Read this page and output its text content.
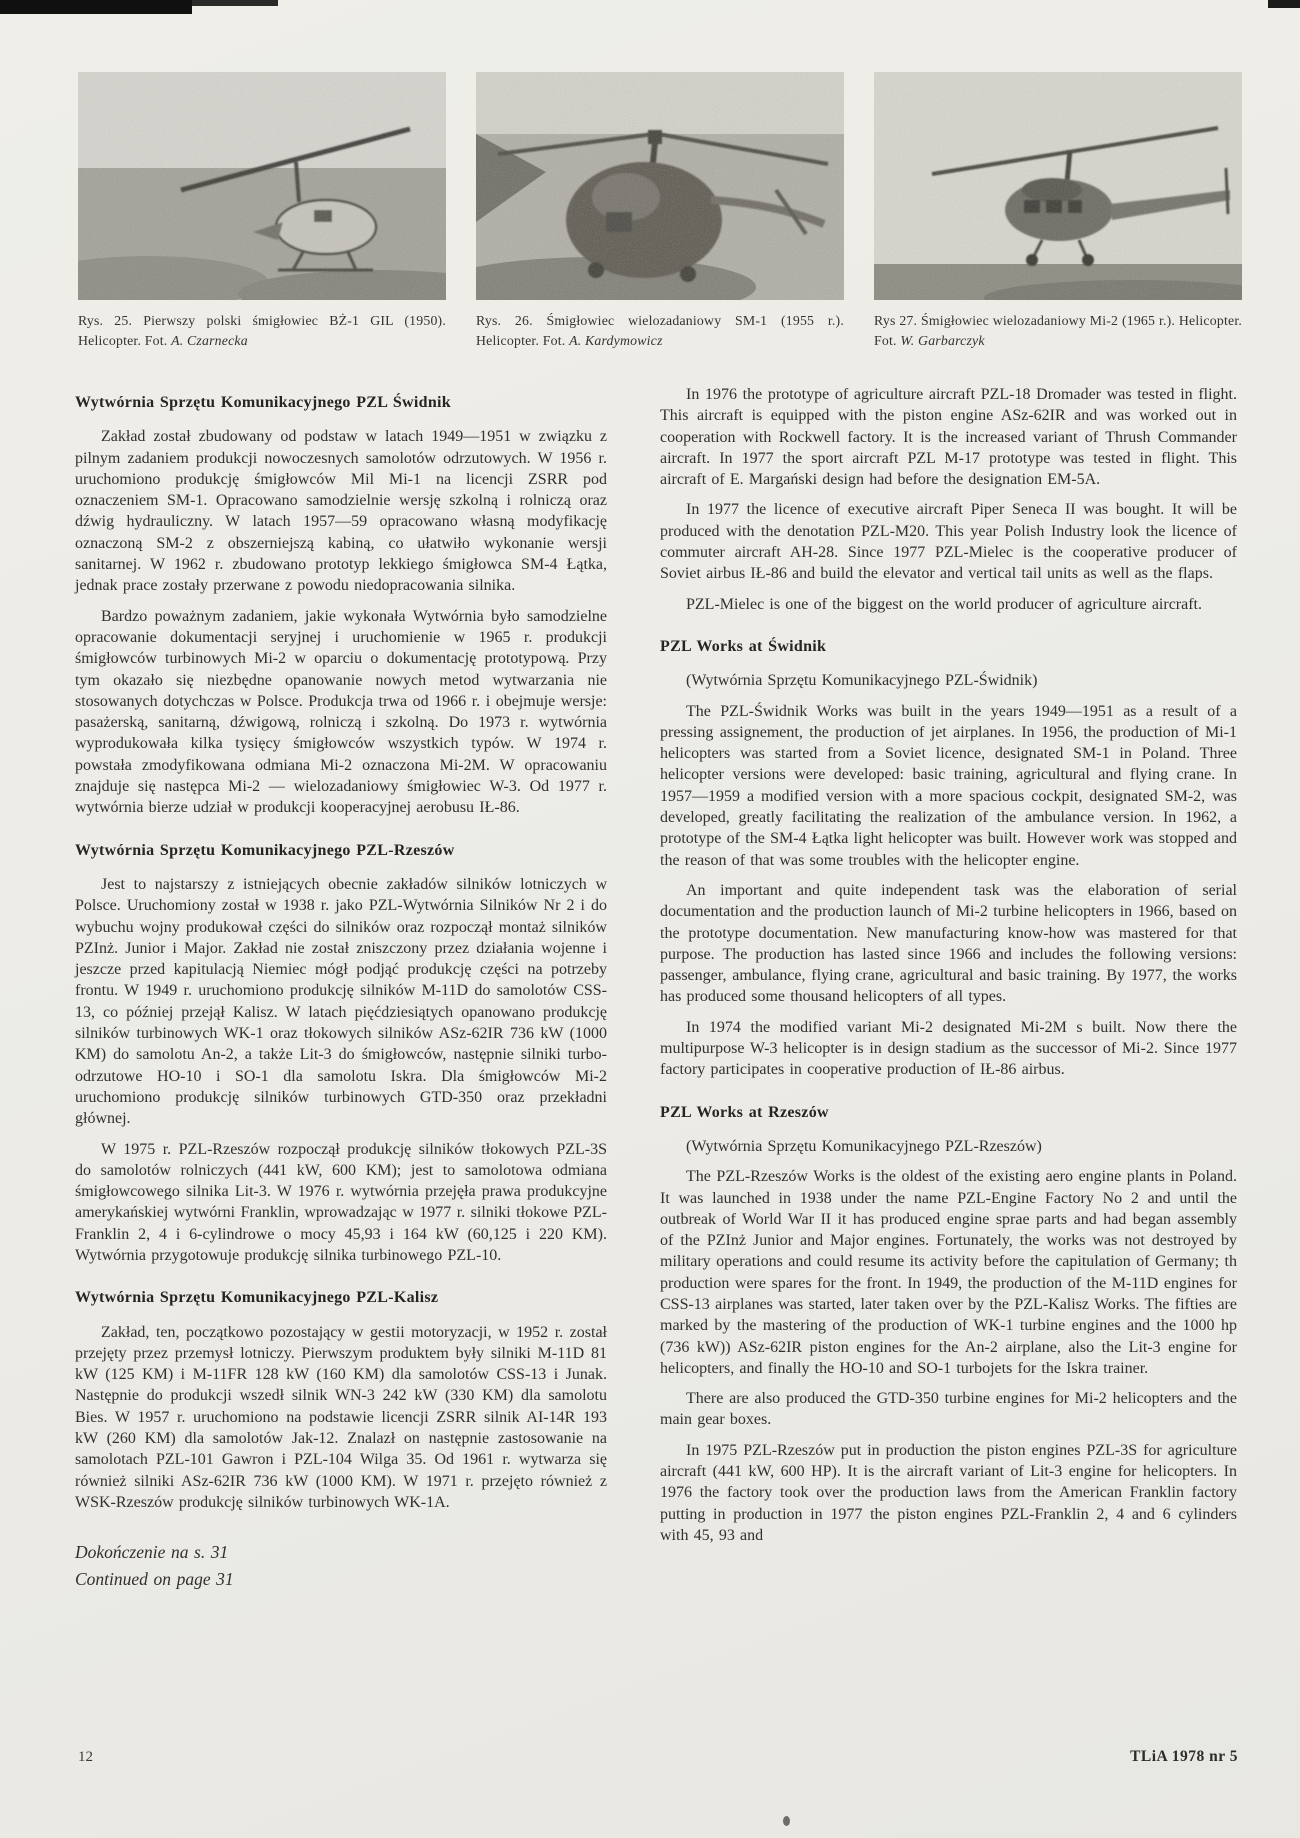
Rys. 25. Pierwszy polski śmigłowiec BŻ-1 GIL (1950). Helicopter. Fot. A. Czarnecka
Rys. 26. Śmigłowiec wielozadaniowy SM-1 (1955 r.). Helicopter. Fot. A. Kardymowicz
Rys 27. Śmigłowiec wielozadaniowy Mi-2 (1965 r.). Helicopter. Fot. W. Garbarczyk
Wytwórnia Sprzętu Komunikacyjnego PZL Świdnik

Zakład został zbudowany od podstaw w latach 1949—1951 w związku z pilnym zadaniem produkcji nowoczesnych samolotów odrzutowych. W 1956 r. uruchomiono produkcję śmigłowców Mil Mi-1 na licencji ZSRR pod oznaczeniem SM-1. Opracowano samodzielnie wersję szkolną i rolniczą oraz dźwig hydrauliczny. W latach 1957—59 opracowano własną modyfikację oznaczoną SM-2 z obszerniejszą kabiną, co ułatwiło wykonanie wersji sanitarnej. W 1962 r. zbudowano prototyp lekkiego śmigłowca SM-4 Łątka, jednak prace zostały przerwane z powodu niedopracowania silnika.

Bardzo poważnym zadaniem, jakie wykonała Wytwórnia było samodzielne opracowanie dokumentacji seryjnej i uruchomienie w 1965 r. produkcji śmigłowców turbinowych Mi-2 w oparciu o dokumentację prototypową. Przy tym okazało się niezbędne opanowanie nowych metod wytwarzania nie stosowanych dotychczas w Polsce. Produkcja trwa od 1966 r. i obejmuje wersje: pasażerską, sanitarną, dźwigową, rolniczą i szkolną. Do 1973 r. wytwórnia wyprodukowała kilka tysięcy śmigłowców wszystkich typów. W 1974 r. powstała zmodyfikowana odmiana Mi-2 oznaczona Mi-2M. W opracowaniu znajduje się następca Mi-2 — wielozadaniowy śmigłowiec W-3. Od 1977 r. wytwórnia bierze udział w produkcji kooperacyjnej aerobusu IŁ-86.

Wytwórnia Sprzętu Komunikacyjnego PZL-Rzeszów

Jest to najstarszy z istniejących obecnie zakładów silników lotniczych w Polsce. Uruchomiony został w 1938 r. jako PZL-Wytwórnia Silników Nr 2 i do wybuchu wojny produkował części do silników oraz rozpoczął montaż silników PZInż. Junior i Major. Zakład nie został zniszczony przez działania wojenne i jeszcze przed kapitulacją Niemiec mógł podjąć produkcję części na potrzeby frontu. W 1949 r. uruchomiono produkcję silników M-11D do samolotów CSS-13, co później przejął Kalisz. W latach pięćdziesiątych opanowano produkcję silników turbinowych WK-1 oraz tłokowych silników ASz-62IR 736 kW (1000 KM) do samolotu An-2, a także Lit-3 do śmigłowców, następnie silniki turbo-odrzutowe HO-10 i SO-1 dla samolotu Iskra. Dla śmigłowców Mi-2 uruchomiono produkcję silników turbinowych GTD-350 oraz przekładni głównej.

W 1975 r. PZL-Rzeszów rozpoczął produkcję silników tłokowych PZL-3S do samolotów rolniczych (441 kW, 600 KM); jest to samolotowa odmiana śmigłowcowego silnika Lit-3. W 1976 r. wytwórnia przejęła prawa produkcyjne amerykańskiej wytwórni Franklin, wprowadzając w 1977 r. silniki tłokowe PZL-Franklin 2, 4 i 6-cylindrowe o mocy 45,93 i 164 kW (60,125 i 220 KM). Wytwórnia przygotowuje produkcję silnika turbinowego PZL-10.

Wytwórnia Sprzętu Komunikacyjnego PZL-Kalisz

Zakład, ten, początkowo pozostający w gestii motoryzacji, w 1952 r. został przejęty przez przemysł lotniczy. Pierwszym produktem były silniki M-11D 81 kW (125 KM) i M-11FR 128 kW (160 KM) dla samolotów CSS-13 i Junak. Następnie do produkcji wszedł silnik WN-3 242 kW (330 KM) dla samolotu Bies. W 1957 r. uruchomiono na podstawie licencji ZSRR silnik AI-14R 193 kW (260 KM) dla samolotów Jak-12. Znalazł on następnie zastosowanie na samolotach PZL-101 Gawron i PZL-104 Wilga 35. Od 1961 r. wytwarza się również silniki ASz-62IR 736 kW (1000 KM). W 1971 r. przejęto również z WSK-Rzeszów produkcję silników turbinowych WK-1A.

Dokończenie na s. 31
Continued on page 31

In 1976 the prototype of agriculture aircraft PZL-18 Dromader was tested in flight. This aircraft is equipped with the piston engine ASz-62IR and was worked out in cooperation with Rockwell factory. It is the increased variant of Thrush Commander aircraft. In 1977 the sport aircraft PZL M-17 prototype was tested in flight. This aircraft of E. Margański design had before the designation EM-5A.

In 1977 the licence of executive aircraft Piper Seneca II was bought. It will be produced with the denotation PZL-M20. This year Polish Industry look the licence of commuter aircraft AH-28. Since 1977 PZL-Mielec is the cooperative producer of Soviet airbus IŁ-86 and build the elevator and vertical tail units as well as the flaps.

PZL-Mielec is one of the biggest on the world producer of agriculture aircraft.

PZL Works at Świdnik

(Wytwórnia Sprzętu Komunikacyjnego PZL-Świdnik)

The PZL-Świdnik Works was built in the years 1949—1951 as a result of a pressing assignement, the production of jet airplanes. In 1956, the production of Mi-1 helicopters was started from a Soviet licence, designated SM-1 in Poland. Three helicopter versions were developed: basic training, agricultural and flying crane. In 1957—1959 a modified version with a more spacious cockpit, designated SM-2, was developed, greatly facilitating the realization of the ambulance version. In 1962, a prototype of the SM-4 Łątka light helicopter was built. However work was stopped and the reason of that was some troubles with the helicopter engine.

An important and quite independent task was the elaboration of serial documentation and the production launch of Mi-2 turbine helicopters in 1966, based on the prototype documentation. New manufacturing know-how was mastered for that purpose. The production has lasted since 1966 and includes the following versions: passenger, ambulance, flying crane, agricultural and basic training. By 1977, the works has produced some thousand helicopters of all types.

In 1974 the modified variant Mi-2 designated Mi-2M s built. Now there the multipurpose W-3 helicopter is in design stadium as the successor of Mi-2. Since 1977 factory participates in cooperative production of IŁ-86 airbus.

PZL Works at Rzeszów

(Wytwórnia Sprzętu Komunikacyjnego PZL-Rzeszów)

The PZL-Rzeszów Works is the oldest of the existing aero engine plants in Poland. It was launched in 1938 under the name PZL-Engine Factory No 2 and until the outbreak of World War II it has produced engine sprae parts and had began assembly of the PZInż Junior and Major engines. Fortunately, the works was not destroyed by military operations and could resume its activity before the capitulation of Germany; th production were spares for the front. In 1949, the production of the M-11D engines for CSS-13 airplanes was started, later taken over by the PZL-Kalisz Works. The fifties are marked by the mastering of the production of WK-1 turbine engines and the 1000 hp (736 kW)) ASz-62IR piston engines for the An-2 airplane, also the Lit-3 engine for helicopters, and finally the HO-10 and SO-1 turbojets for the Iskra trainer.

There are also produced the GTD-350 turbine engines for Mi-2 helicopters and the main gear boxes.

In 1975 PZL-Rzeszów put in production the piston engines PZL-3S for agriculture aircraft (441 kW, 600 HP). It is the aircraft variant of Lit-3 engine for helicopters. In 1976 the factory took over the production laws from the American Franklin factory putting in production in 1977 the piston engines PZL-Franklin 2, 4 and 6 cylinders with 45, 93 and

12	TLiA 1978 nr 5
